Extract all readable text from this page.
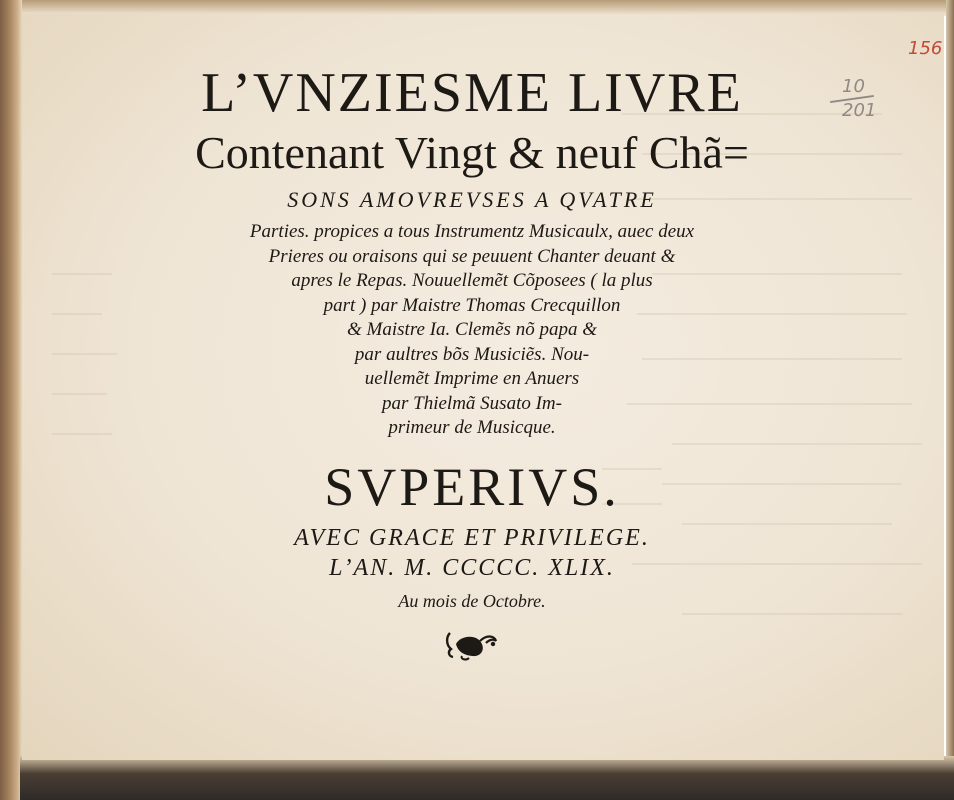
156
10
201

L’VNZIESME LIVRE

Contenant Vingt & neuf Chã=

SONS AMOVREVSES A QVATRE

Parties. propices a tous Instrumentz Musicaulx, auec deux

Prieres ou oraisons qui se peuuent Chanter deuant &

apres le Repas. Nouuellemẽt Cõposees ( la plus

part ) par Maistre Thomas Crecquillon

& Maistre Ia. Clemẽs nõ papa &

par aultres bõs Musiciẽs. Nou-

uellemẽt Imprime en Anuers

par Thielmã Susato Im-

primeur de Musicque.

SVPERIVS.

AVEC GRACE ET PRIVILEGE.

L’AN. M. CCCCC. XLIX.

Au mois de Octobre.
